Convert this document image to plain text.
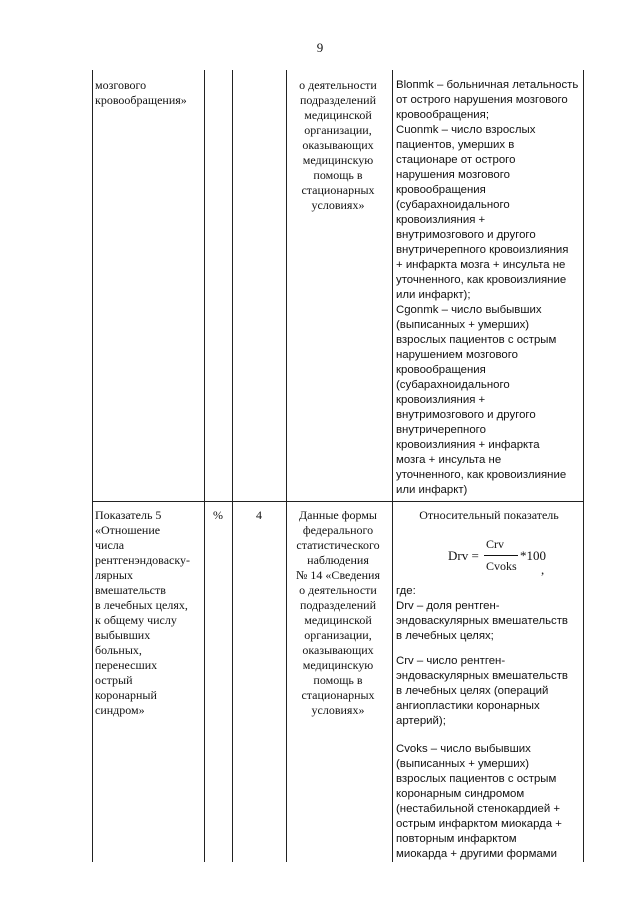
9
мозгового
кровообращения»
о деятельности
подразделений
медицинской
организации,
оказывающих
медицинскую
помощь в
стационарных
условиях»
Bloпmk – больничная летальность
от острого нарушения мозгового
кровообращения;
Cuonmk – число взрослых
пациентов, умерших в
стационаре от острого
нарушения мозгового
кровообращения
(субарахноидального
кровоизлияния +
внутримозгового и другого
внутричерепного кровоизлияния
+ инфаркта мозга + инсульта не
уточненного, как кровоизлияние
или инфаркт);
Cgonmk – число выбывших
(выписанных + умерших)
взрослых пациентов с острым
нарушением мозгового
кровообращения
(субарахноидального
кровоизлияния +
внутримозгового и другого
внутричерепного
кровоизлияния + инфаркта
мозга + инсульта не
уточненного, как кровоизлияние
или инфаркт)
Показатель 5
«Отношение
числа
рентгенэндоваску-
лярных
вмешательств
в лечебных целях,
к общему числу
выбывших
больных,
перенесших
острый
коронарный
синдром»
%	4	Данные формы
федерального
статистического
наблюдения
№ 14 «Сведения
о деятельности
подразделений
медицинской
организации,
оказывающих
медицинскую
помощь в
стационарных
условиях»
Относительный показатель
Drv =
Crv
Cvoks
*100
,
где:
Drv – доля рентген-
эндоваскулярных вмешательств
в лечебных целях;
Crv – число рентген-
эндоваскулярных вмешательств
в лечебных целях (операций
ангиопластики коронарных
артерий);
Cvoks – число выбывших
(выписанных + умерших)
взрослых пациентов с острым
коронарным синдромом
(нестабильной стенокардией +
острым инфарктом миокарда +
повторным инфарктом
миокарда + другими формами
